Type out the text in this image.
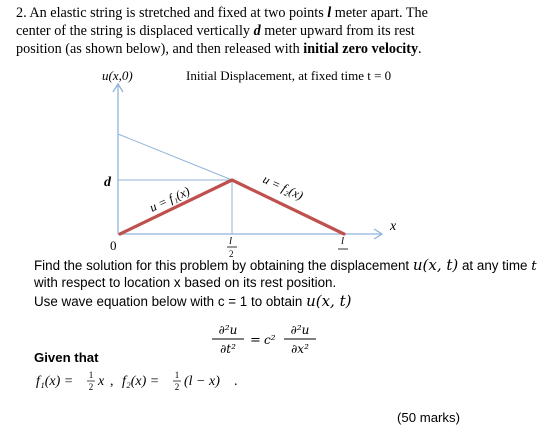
2. An elastic string is stretched and fixed at two points l meter apart. The center of the string is displaced vertically d meter upward from its rest position (as shown below), and then released with initial zero velocity.
u(x,0)	Initial Displacement, at fixed time t = 0
d
0
x
u = f₁(x)	u = f₂(x)
l
2
l
Find the solution for this problem by obtaining the displacement u(x, t) at any time t
with respect to location x based on its rest position.
Use wave equation below with c = 1 to obtain u(x, t)
∂²u
∂t²
= c²
∂²u
∂x²
Given that
f₁(x) = 1
2 x , f₂(x) = 1
2 (l − x) .
(50 marks)
